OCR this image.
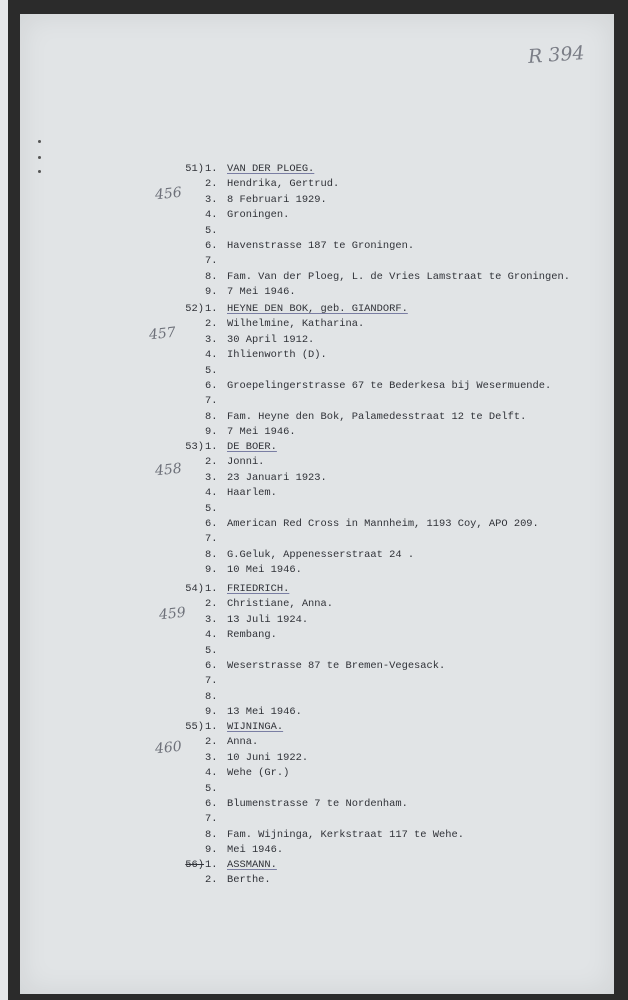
R 394
456
457
458
459
460
51) 1. VAN DER PLOEG.
2. Hendrika, Gertrud.
3. 8 Februari 1929.
4. Groningen.
5.
6. Havenstrasse 187 te Groningen.
7.
8. Fam. Van der Ploeg, L. de Vries Lamstraat te Groningen.
9. 7 Mei 1946.
52) 1. HEYNE DEN BOK, geb. GIANDORF.
2. Wilhelmine, Katharina.
3. 30 April 1912.
4. Ihlienworth (D).
5.
6. Groepelingerstrasse 67 te Bederkesa bij Wesermuende.
7.
8. Fam. Heyne den Bok, Palamedesstraat 12 te Delft.
9. 7 Mei 1946.
53) 1. DE BOER.
2. Jonni.
3. 23 Januari 1923.
4. Haarlem.
5.
6. American Red Cross in Mannheim, 1193 Coy, APO 209.
7.
8. G.Geluk, Appenesserstraat 24 .
9. 10 Mei 1946.
54) 1. FRIEDRICH.
2. Christiane, Anna.
3. 13 Juli 1924.
4. Rembang.
5.
6. Weserstrasse 87 te Bremen-Vegesack.
7.
8.
9. 13 Mei 1946.
55) 1. WIJNINGA.
2. Anna.
3. 10 Juni 1922.
4. Wehe (Gr.)
5.
6. Blumenstrasse 7 te Nordenham.
7.
8. Fam. Wijninga, Kerkstraat 117 te Wehe.
9. Mei 1946.
56) 1. ASSMANN.
2. Berthe.
